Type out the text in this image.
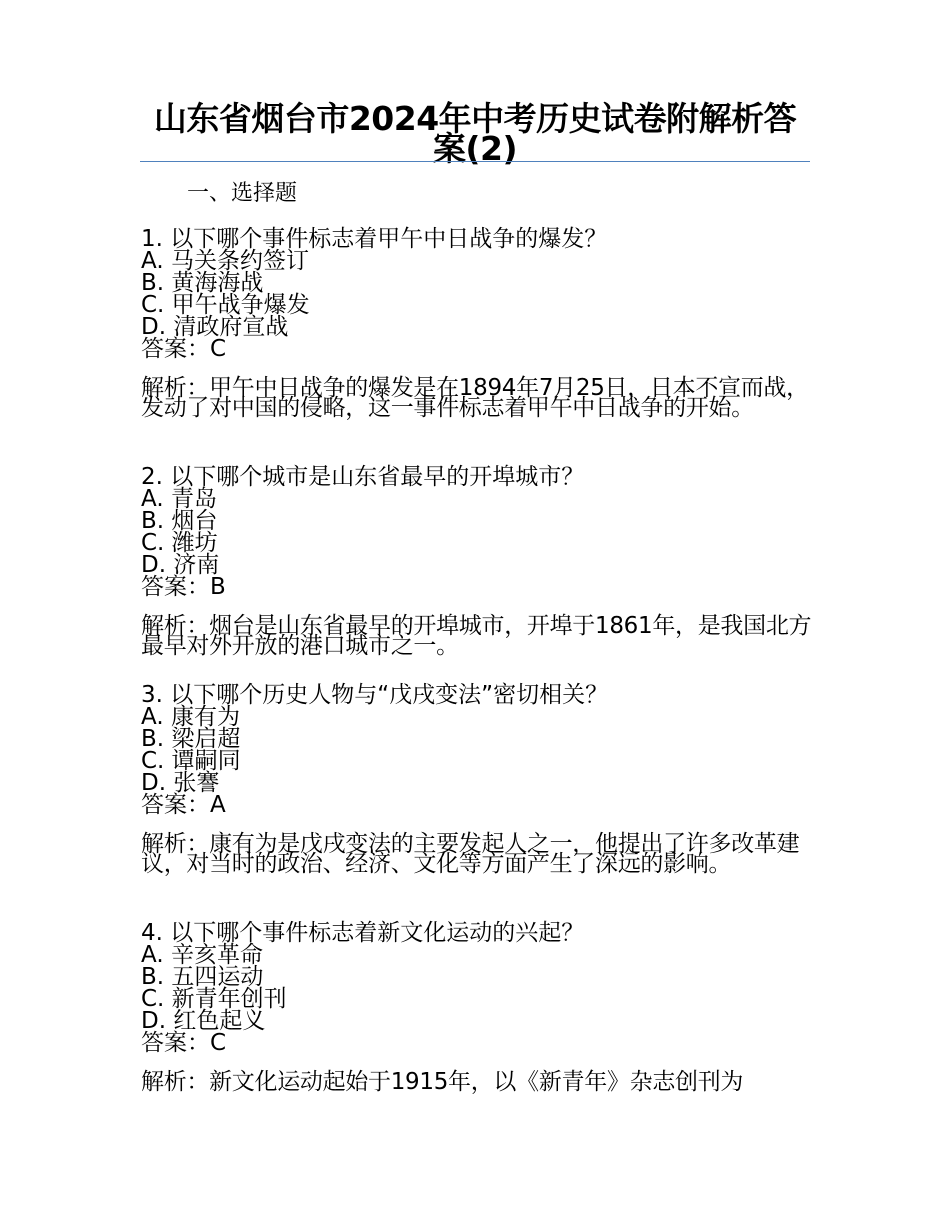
山东省烟台市2024年中考历史试卷附解析答案(2)
一、选择题
1. 以下哪个事件标志着甲午中日战争的爆发？
A. 马关条约签订
B. 黄海海战
C. 甲午战争爆发
D. 清政府宣战
答案：C
解析：甲午中日战争的爆发是在1894年7月25日，日本不宣而战，发动了对中国的侵略，这一事件标志着甲午中日战争的开始。
2. 以下哪个城市是山东省最早的开埠城市？
A. 青岛
B. 烟台
C. 潍坊
D. 济南
答案：B
解析：烟台是山东省最早的开埠城市，开埠于1861年，是我国北方最早对外开放的港口城市之一。
3. 以下哪个历史人物与“戊戌变法”密切相关？
A. 康有为
B. 梁启超
C. 谭嗣同
D. 张謇
答案：A
解析：康有为是戊戌变法的主要发起人之一，他提出了许多改革建议，对当时的政治、经济、文化等方面产生了深远的影响。
4. 以下哪个事件标志着新文化运动的兴起？
A. 辛亥革命
B. 五四运动
C. 新青年创刊
D. 红色起义
答案：C
解析：新文化运动起始于1915年，以《新青年》杂志创刊为
